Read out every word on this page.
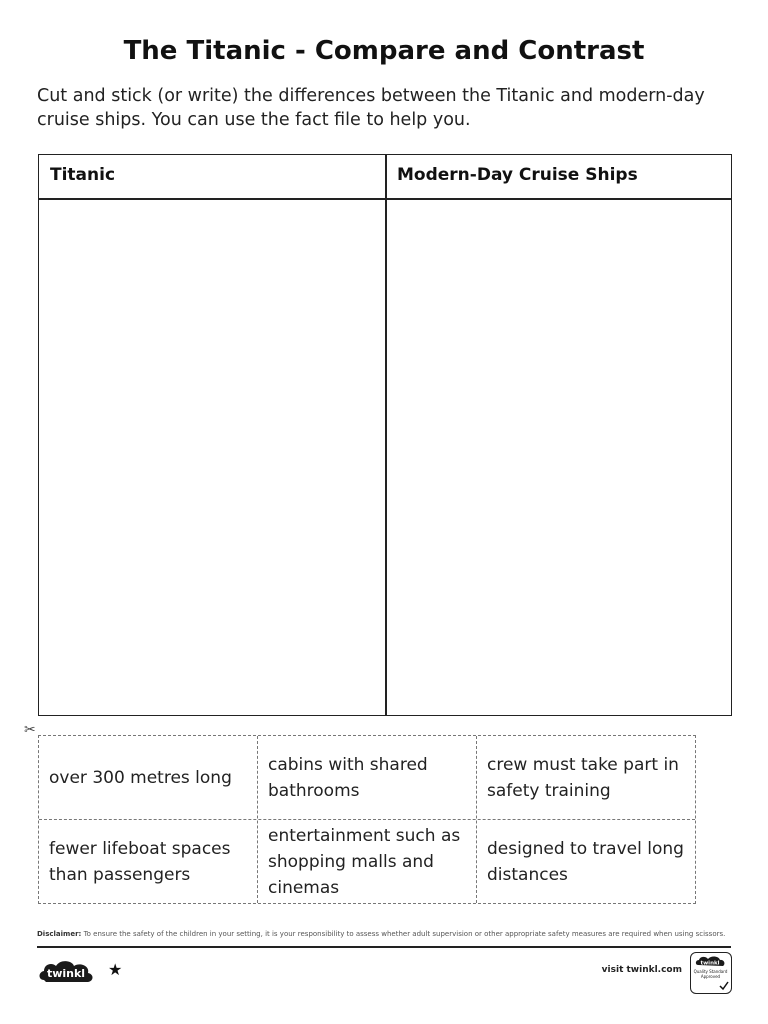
The Titanic - Compare and Contrast
Cut and stick (or write) the differences between the Titanic and modern-day cruise ships. You can use the fact file to help you.
Titanic	Modern-Day Cruise Ships
✂
over 300 metres long
cabins with shared bathrooms
crew must take part in safety training
fewer lifeboat spaces than passengers
entertainment such as shopping malls and cinemas
designed to travel long distances
Disclaimer: To ensure the safety of the children in your setting, it is your responsibility to assess whether adult supervision or other appropriate safety measures are required when using scissors.
twinkl ★	visit twinkl.com
twinkl
Quality Standard Approved
